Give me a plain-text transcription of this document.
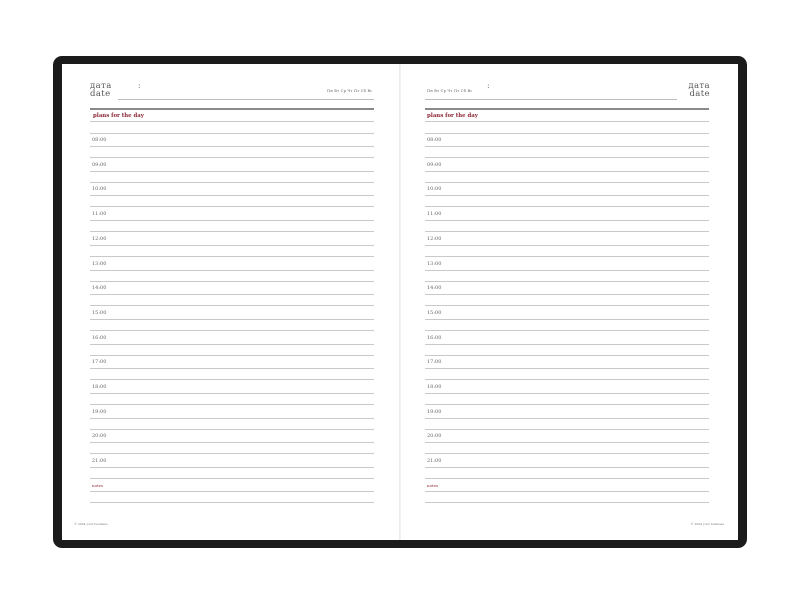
дата
date
:
Пн Вт Ср Чт Пт Сб Вс
plans for the day
08:00
09:00
10:00
11:00
12:00
13:00
14:00
15:00
16:00
17:00
18:00
19:00
20:00
21:00
notes
© 2024 your business
Пн Вт Ср Чт Пт Сб Вс
:	дата
date
plans for the day
08:00
09:00
10:00
11:00
12:00
13:00
14:00
15:00
16:00
17:00
18:00
19:00
20:00
21:00
notes
© 2024 your business
